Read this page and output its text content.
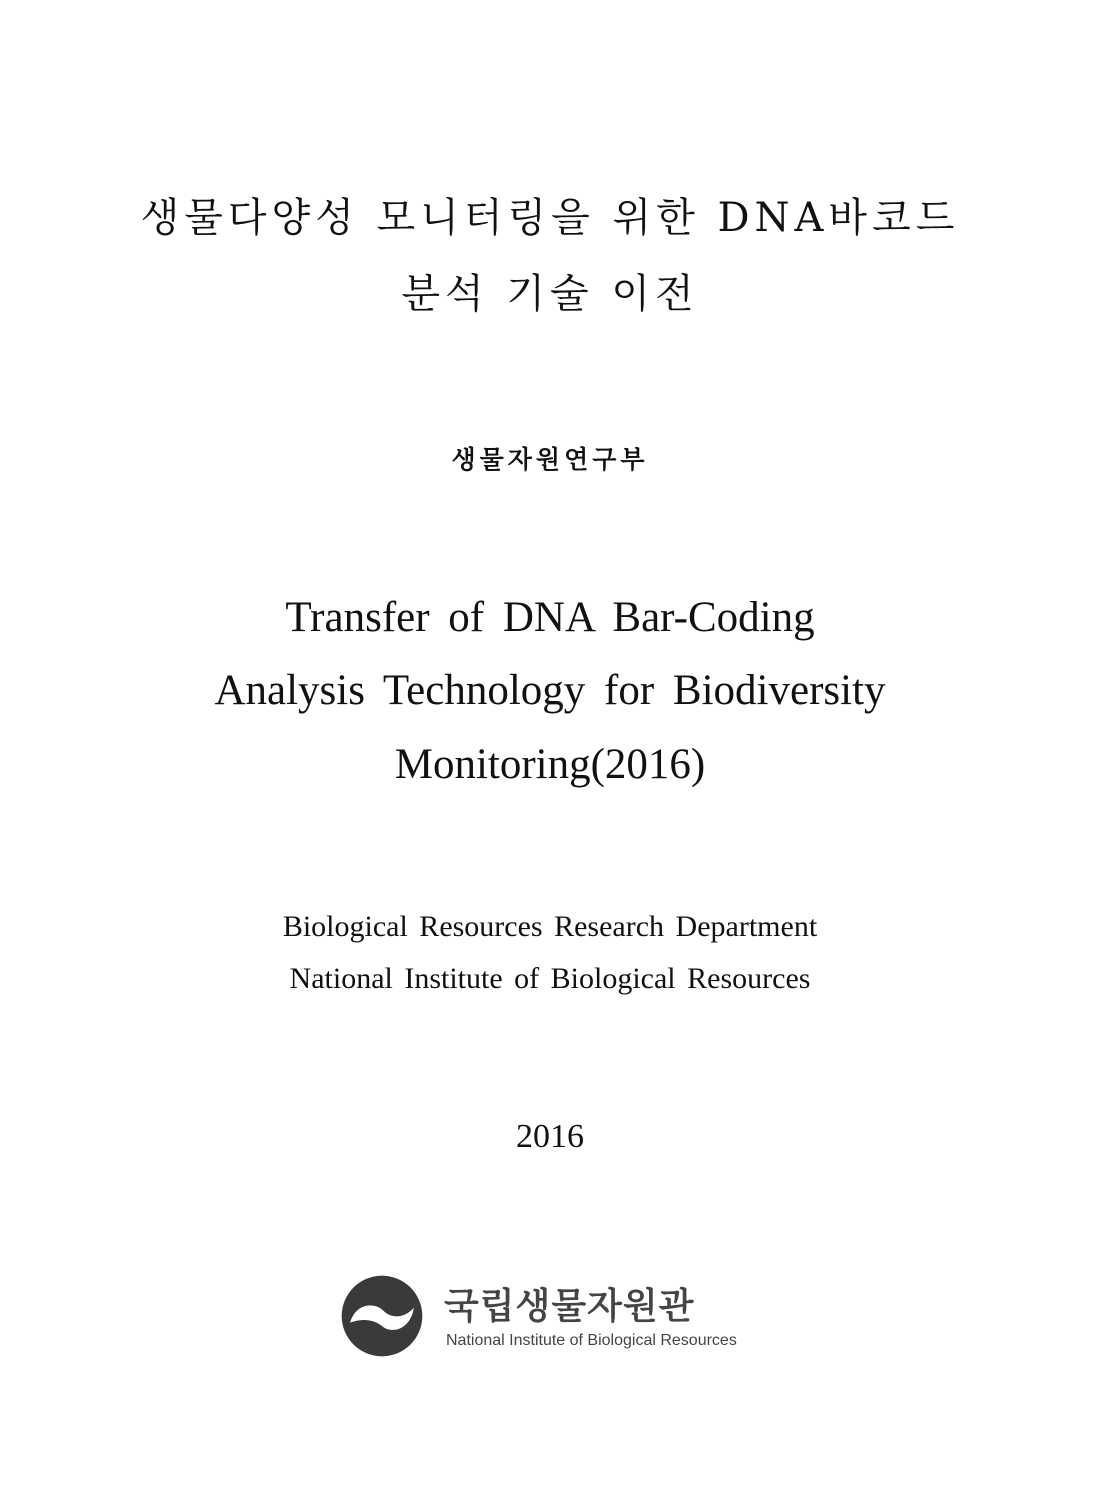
생물다양성 모니터링을 위한 DNA바코드
분석 기술 이전
생물자원연구부
Transfer of DNA Bar-Coding
Analysis Technology for Biodiversity
Monitoring(2016)
Biological Resources Research Department
National Institute of Biological Resources
2016
국립생물자원관
National Institute of Biological Resources
